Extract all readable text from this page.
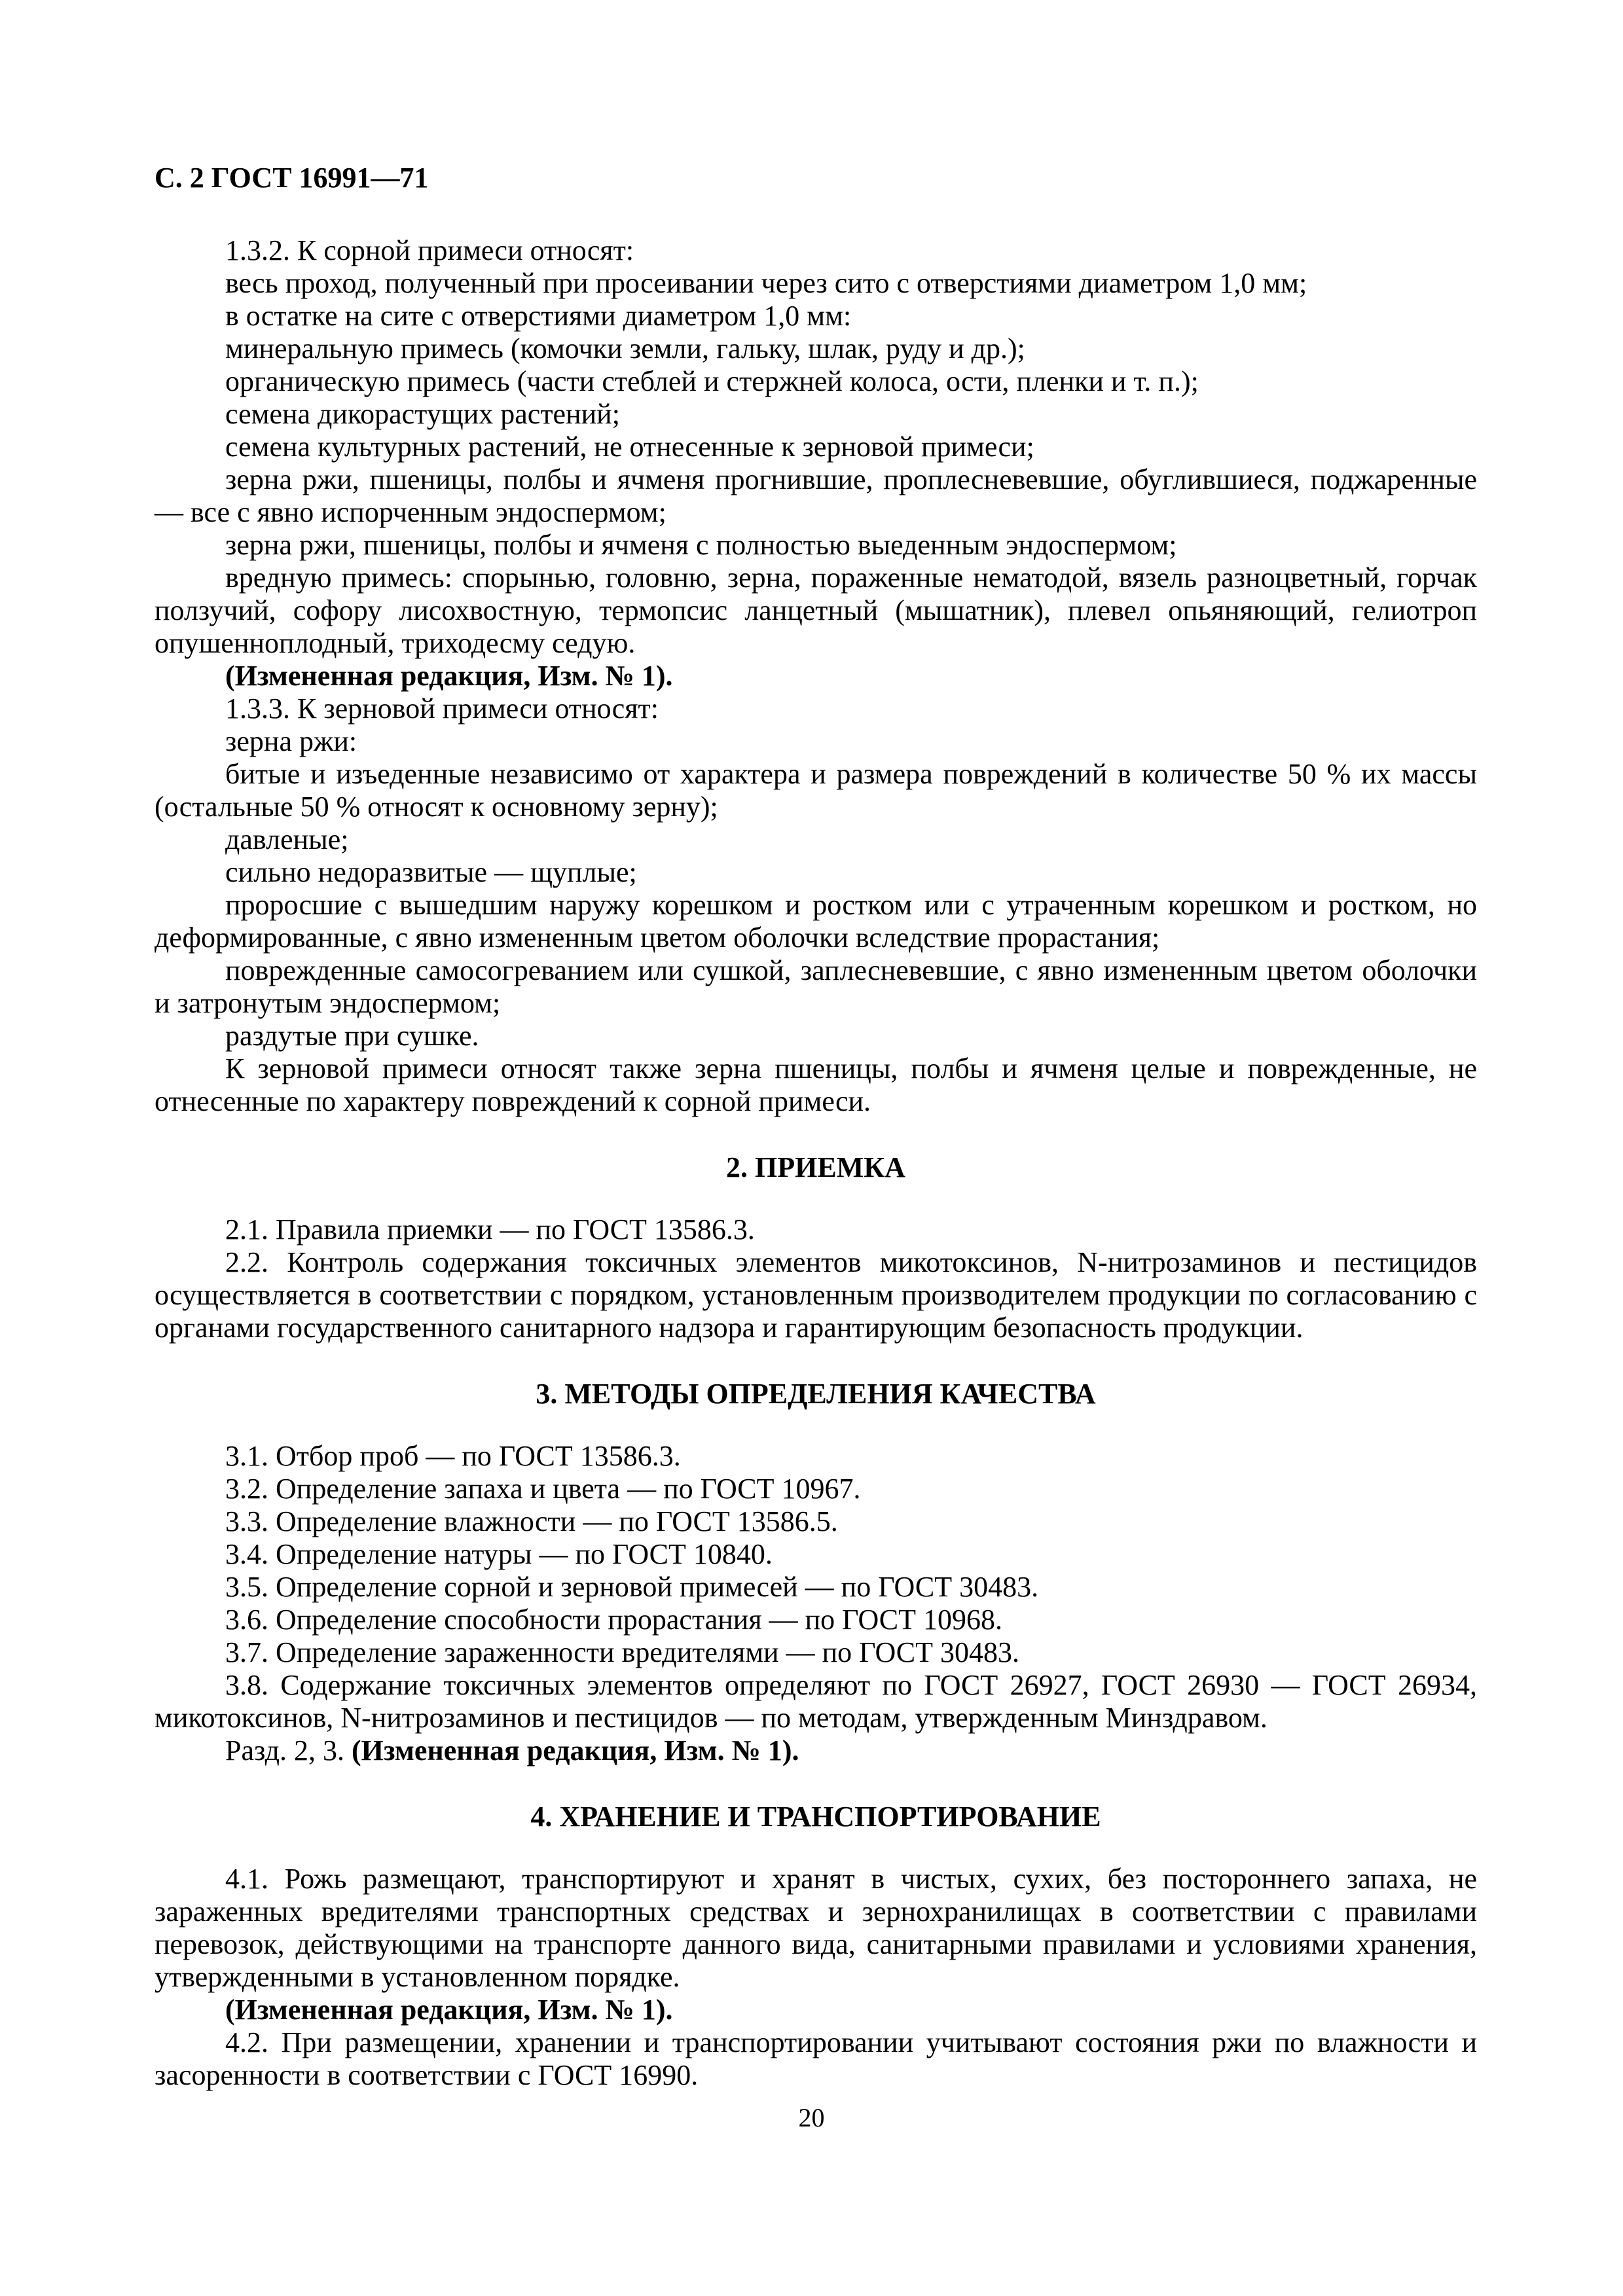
С. 2 ГОСТ 16991—71

1.3.2. К сорной примеси относят:

весь проход, полученный при просеивании через сито с отверстиями диаметром 1,0 мм;

в остатке на сите с отверстиями диаметром 1,0 мм:

минеральную примесь (комочки земли, гальку, шлак, руду и др.);

органическую примесь (части стеблей и стержней колоса, ости, пленки и т. п.);

семена дикорастущих растений;

семена культурных растений, не отнесенные к зерновой примеси;

зерна ржи, пшеницы, полбы и ячменя прогнившие, проплесневевшие, обуглившиеся, поджаренные — все с явно испорченным эндоспермом;

зерна ржи, пшеницы, полбы и ячменя с полностью выеденным эндоспермом;

вредную примесь: спорынью, головню, зерна, пораженные нематодой, вязель разноцветный, горчак ползучий, софору лисохвостную, термопсис ланцетный (мышатник), плевел опьяняющий, гелиотроп опушенноплодный, триходесму седую.

(Измененная редакция, Изм. № 1).

1.3.3. К зерновой примеси относят:

зерна ржи:

битые и изъеденные независимо от характера и размера повреждений в количестве 50 % их массы (остальные 50 % относят к основному зерну);

давленые;

сильно недоразвитые — щуплые;

проросшие с вышедшим наружу корешком и ростком или с утраченным корешком и ростком, но деформированные, с явно измененным цветом оболочки вследствие прорастания;

поврежденные самосогреванием или сушкой, заплесневевшие, с явно измененным цветом оболочки и затронутым эндоспермом;

раздутые при сушке.

К зерновой примеси относят также зерна пшеницы, полбы и ячменя целые и поврежденные, не отнесенные по характеру повреждений к сорной примеси.

2. ПРИЕМКА

2.1. Правила приемки — по ГОСТ 13586.3.

2.2. Контроль содержания токсичных элементов микотоксинов, N-нитрозаминов и пестицидов осуществляется в соответствии с порядком, установленным производителем продукции по согласованию с органами государственного санитарного надзора и гарантирующим безопасность продукции.

3. МЕТОДЫ ОПРЕДЕЛЕНИЯ КАЧЕСТВА

3.1. Отбор проб — по ГОСТ 13586.3.

3.2. Определение запаха и цвета — по ГОСТ 10967.

3.3. Определение влажности — по ГОСТ 13586.5.

3.4. Определение натуры — по ГОСТ 10840.

3.5. Определение сорной и зерновой примесей — по ГОСТ 30483.

3.6. Определение способности прорастания — по ГОСТ 10968.

3.7. Определение зараженности вредителями — по ГОСТ 30483.

3.8. Содержание токсичных элементов определяют по ГОСТ 26927, ГОСТ 26930 — ГОСТ 26934, микотоксинов, N-нитрозаминов и пестицидов — по методам, утвержденным Минздравом.

Разд. 2, 3. (Измененная редакция, Изм. № 1).

4. ХРАНЕНИЕ И ТРАНСПОРТИРОВАНИЕ

4.1. Рожь размещают, транспортируют и хранят в чистых, сухих, без постороннего запаха, не зараженных вредителями транспортных средствах и зернохранилищах в соответствии с правилами перевозок, действующими на транспорте данного вида, санитарными правилами и условиями хранения, утвержденными в установленном порядке.

(Измененная редакция, Изм. № 1).

4.2. При размещении, хранении и транспортировании учитывают состояния ржи по влажности и засоренности в соответствии с ГОСТ 16990.

20
